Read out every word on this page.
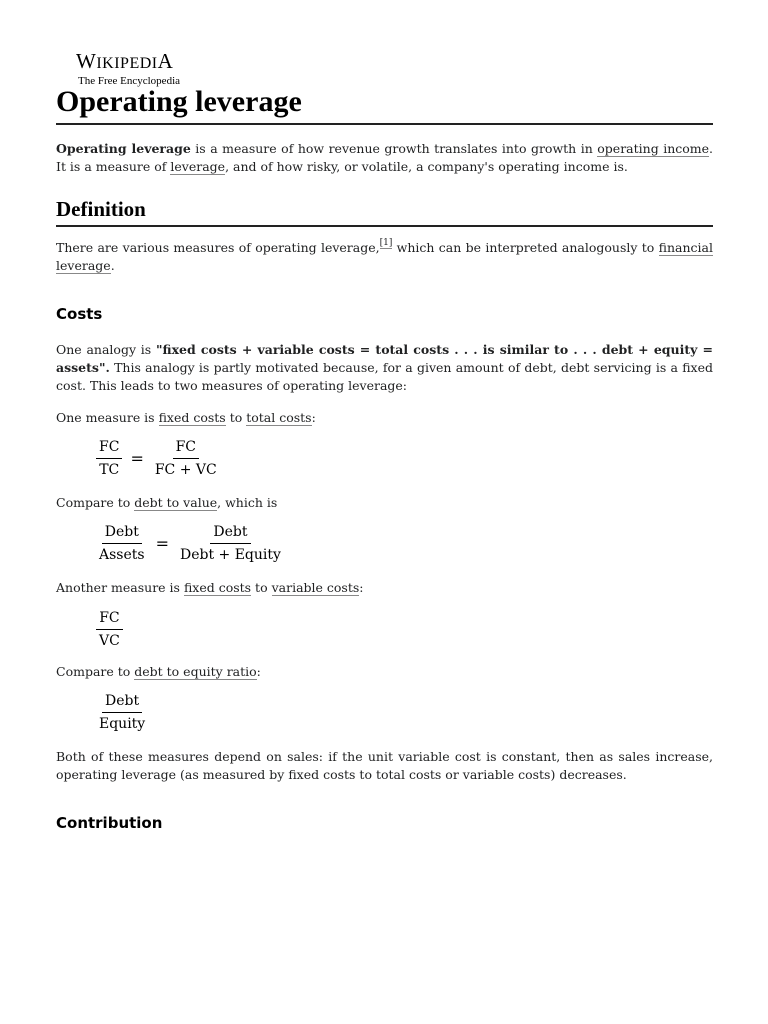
WIKIPEDIA
The Free Encyclopedia
Operating leverage

Operating leverage is a measure of how revenue growth translates into growth in operating income. It is a measure of leverage, and of how risky, or volatile, a company's operating income is.

Definition

There are various measures of operating leverage,[1] which can be interpreted analogously to financial leverage.

Costs

One analogy is "fixed costs + variable costs = total costs . . . is similar to . . . debt + equity = assets". This analogy is partly motivated because, for a given amount of debt, debt servicing is a fixed cost. This leads to two measures of operating leverage:

One measure is fixed costs to total costs:

$\frac{FC}{TC} = \frac{FC}{FC + VC}$

Compare to debt to value, which is

$\frac{\text{Debt}}{\text{Assets}} = \frac{\text{Debt}}{\text{Debt + Equity}}$

Another measure is fixed costs to variable costs:

$\frac{FC}{VC}$

Compare to debt to equity ratio:

$\frac{\text{Debt}}{\text{Equity}}$

Both of these measures depend on sales: if the unit variable cost is constant, then as sales increase, operating leverage (as measured by fixed costs to total costs or variable costs) decreases.

Contribution
